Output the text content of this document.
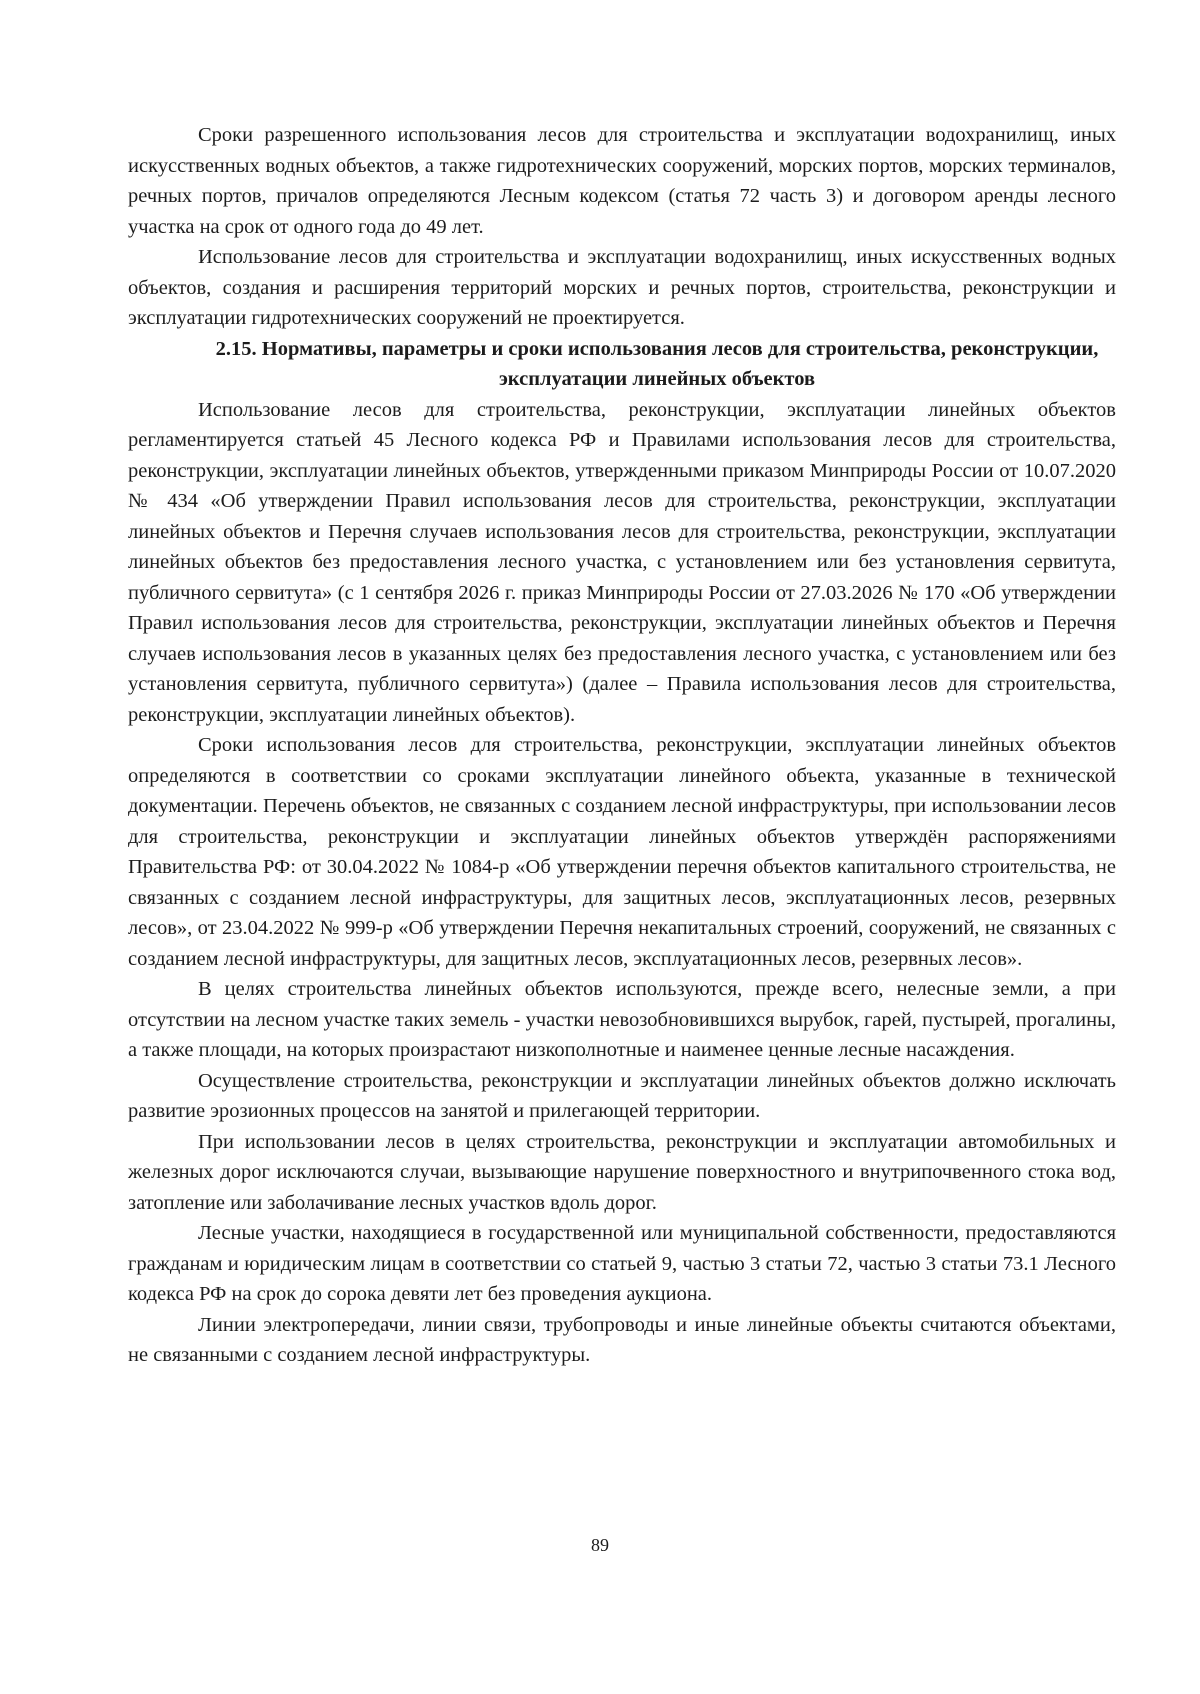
Сроки разрешенного использования лесов для строительства и эксплуатации водохранилищ, иных искусственных водных объектов, а также гидротехнических сооружений, морских портов, морских терминалов, речных портов, причалов определяются Лесным кодексом (статья 72 часть 3) и договором аренды лесного участка на срок от одного года до 49 лет.

Использование лесов для строительства и эксплуатации водохранилищ, иных искусственных водных объектов, создания и расширения территорий морских и речных портов, строительства, реконструкции и эксплуатации гидротехнических сооружений не проектируется.

2.15. Нормативы, параметры и сроки использования лесов для строительства, реконструкции, эксплуатации линейных объектов

Использование лесов для строительства, реконструкции, эксплуатации линейных объектов регламентируется статьей 45 Лесного кодекса РФ и Правилами использования лесов для строительства, реконструкции, эксплуатации линейных объектов, утвержденными приказом Минприроды России от 10.07.2020 № 434 «Об утверждении Правил использования лесов для строительства, реконструкции, эксплуатации линейных объектов и Перечня случаев использования лесов для строительства, реконструкции, эксплуатации линейных объектов без предоставления лесного участка, с установлением или без установления сервитута, публичного сервитута» (с 1 сентября 2026 г. приказ Минприроды России от 27.03.2026 № 170 «Об утверждении Правил использования лесов для строительства, реконструкции, эксплуатации линейных объектов и Перечня случаев использования лесов в указанных целях без предоставления лесного участка, с установлением или без установления сервитута, публичного сервитута») (далее – Правила использования лесов для строительства, реконструкции, эксплуатации линейных объектов).

Сроки использования лесов для строительства, реконструкции, эксплуатации линейных объектов определяются в соответствии со сроками эксплуатации линейного объекта, указанные в технической документации. Перечень объектов, не связанных с созданием лесной инфраструктуры, при использовании лесов для строительства, реконструкции и эксплуатации линейных объектов утверждён распоряжениями Правительства РФ: от 30.04.2022 № 1084-р «Об утверждении перечня объектов капитального строительства, не связанных с созданием лесной инфраструктуры, для защитных лесов, эксплуатационных лесов, резервных лесов», от 23.04.2022 № 999-р «Об утверждении Перечня некапитальных строений, сооружений, не связанных с созданием лесной инфраструктуры, для защитных лесов, эксплуатационных лесов, резервных лесов».

В целях строительства линейных объектов используются, прежде всего, нелесные земли, а при отсутствии на лесном участке таких земель - участки невозобновившихся вырубок, гарей, пустырей, прогалины, а также площади, на которых произрастают низкополнотные и наименее ценные лесные насаждения.

Осуществление строительства, реконструкции и эксплуатации линейных объектов должно исключать развитие эрозионных процессов на занятой и прилегающей территории.

При использовании лесов в целях строительства, реконструкции и эксплуатации автомобильных и железных дорог исключаются случаи, вызывающие нарушение поверхностного и внутрипочвенного стока вод, затопление или заболачивание лесных участков вдоль дорог.

Лесные участки, находящиеся в государственной или муниципальной собственности, предоставляются гражданам и юридическим лицам в соответствии со статьей 9, частью 3 статьи 72, частью 3 статьи 73.1 Лесного кодекса РФ на срок до сорока девяти лет без проведения аукциона.

Линии электропередачи, линии связи, трубопроводы и иные линейные объекты считаются объектами, не связанными с созданием лесной инфраструктуры.

89
